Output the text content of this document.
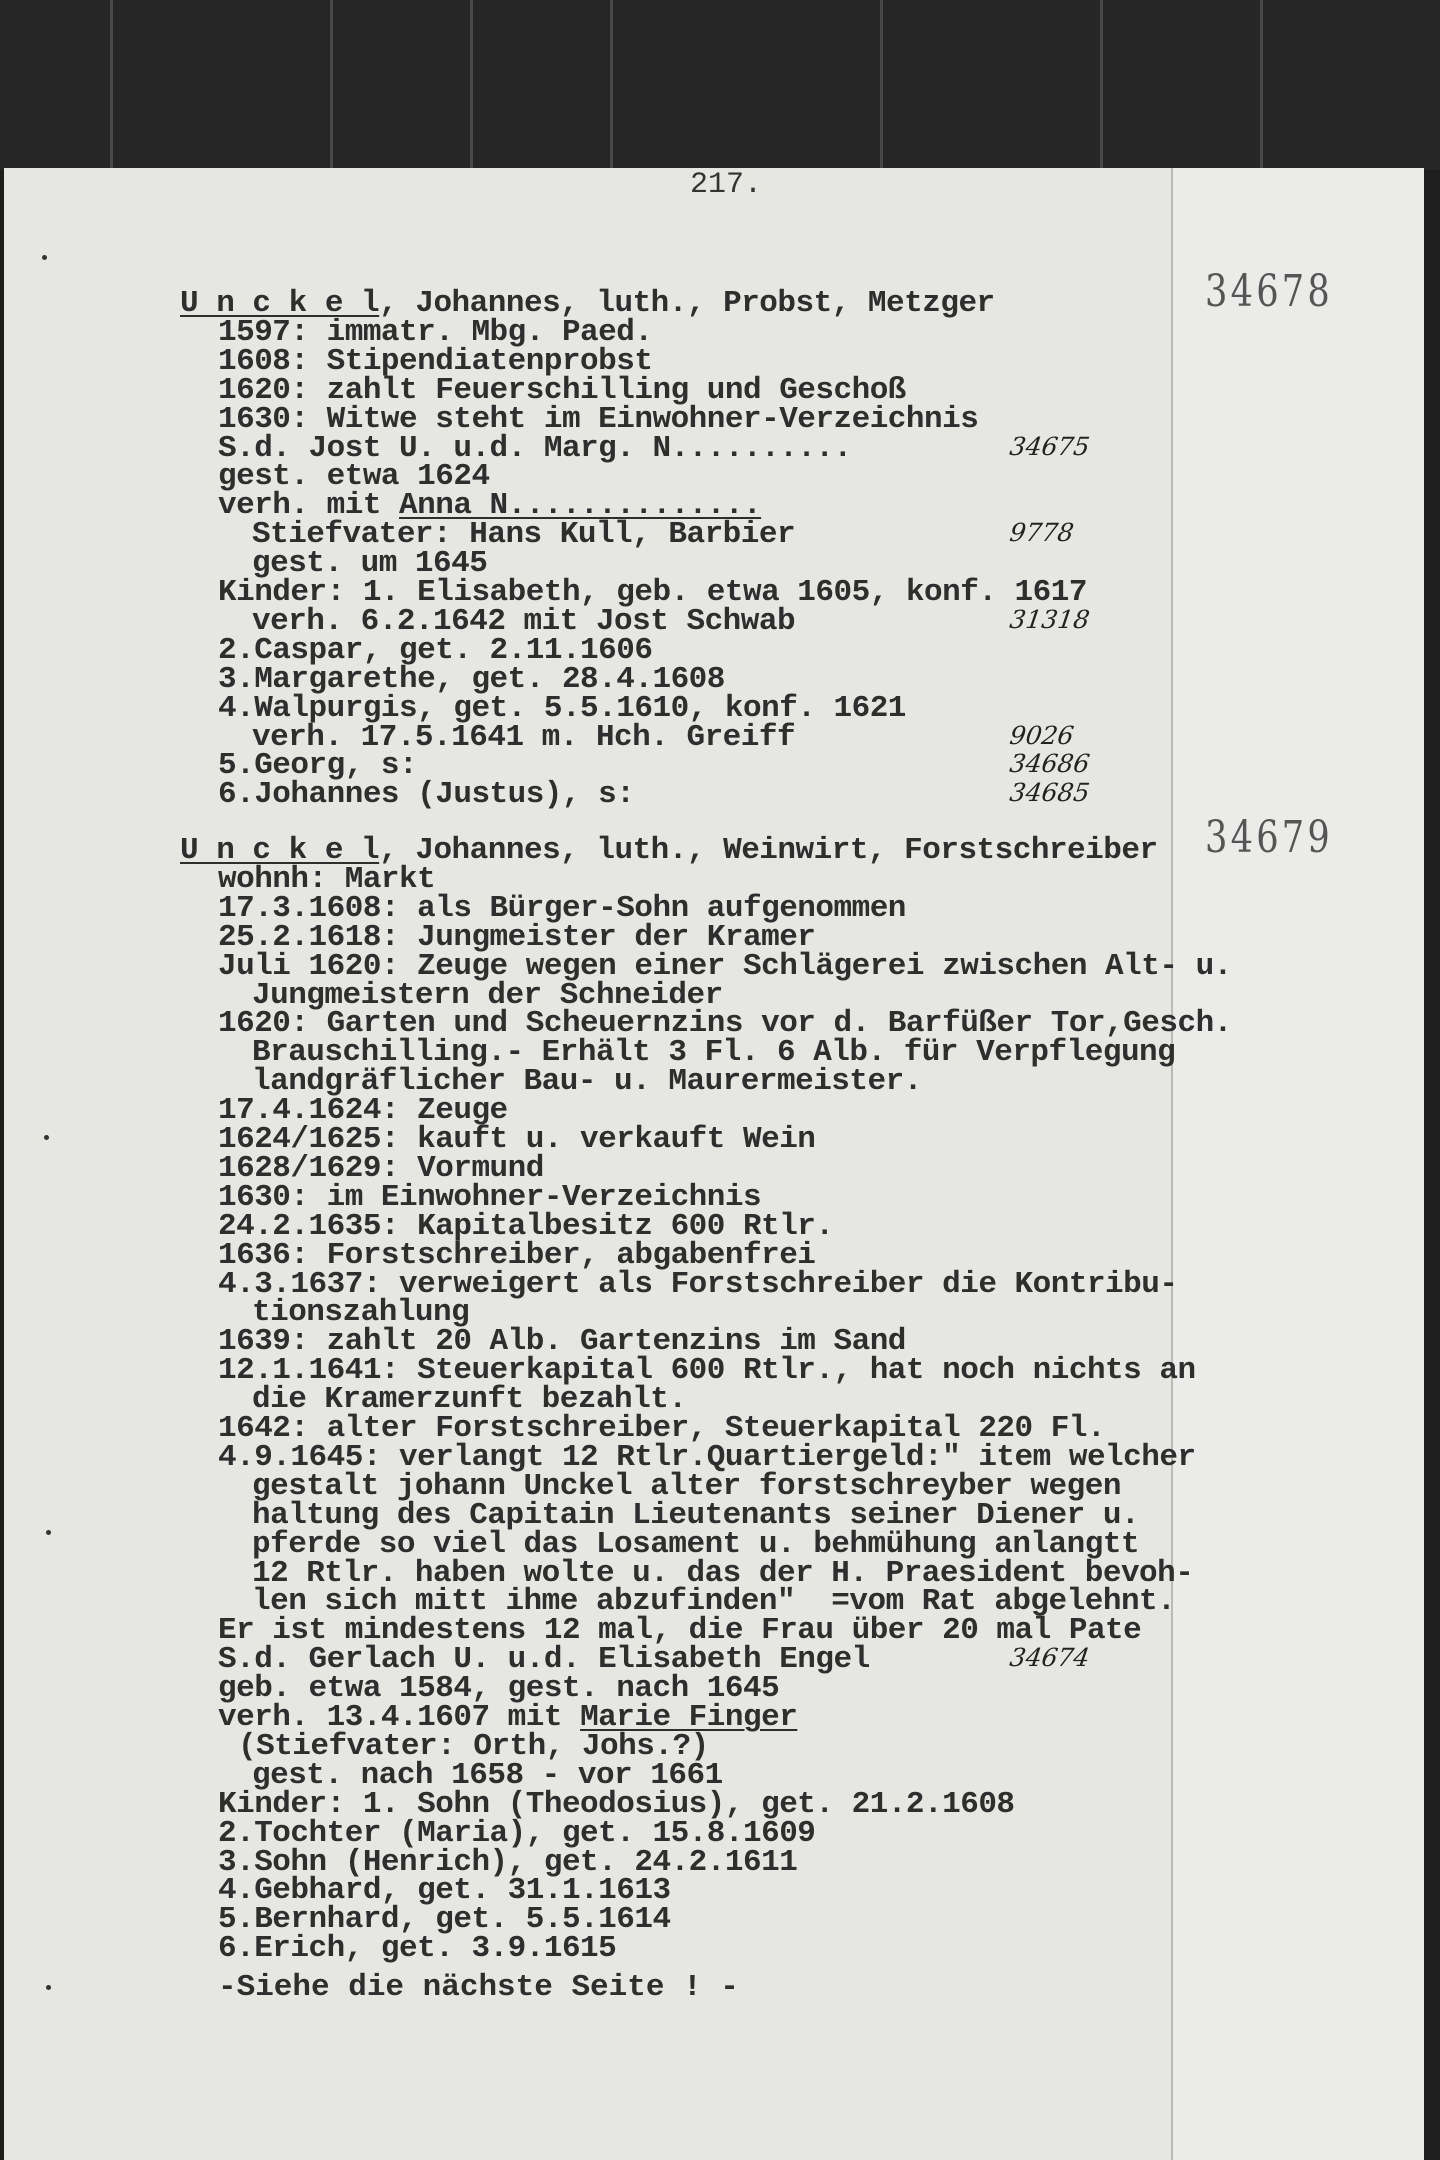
217.
34678
34679
U n c k e l, Johannes, luth., Probst, Metzger
1597: immatr. Mbg. Paed.
1608: Stipendiatenprobst
1620: zahlt Feuerschilling und Geschoß
1630: Witwe steht im Einwohner-Verzeichnis
S.d. Jost U. u.d. Marg. N..........	34675
gest. etwa 1624
verh. mit Anna N..............
Stiefvater: Hans Kull, Barbier	9778
gest. um 1645
Kinder: 1. Elisabeth, geb. etwa 1605, konf. 1617
verh. 6.2.1642 mit Jost Schwab	31318
2.Caspar, get. 2.11.1606
3.Margarethe, get. 28.4.1608
4.Walpurgis, get. 5.5.1610, konf. 1621
verh. 17.5.1641 m. Hch. Greiff	9026
5.Georg, s:	34686
6.Johannes (Justus), s:	34685
U n c k e l, Johannes, luth., Weinwirt, Forstschreiber
wohnh: Markt
17.3.1608: als Bürger-Sohn aufgenommen
25.2.1618: Jungmeister der Kramer
Juli 1620: Zeuge wegen einer Schlägerei zwischen Alt- u.
Jungmeistern der Schneider
1620: Garten und Scheuernzins vor d. Barfüßer Tor,Gesch.
Brauschilling.- Erhält 3 Fl. 6 Alb. für Verpflegung
landgräflicher Bau- u. Maurermeister.
17.4.1624: Zeuge
1624/1625: kauft u. verkauft Wein
1628/1629: Vormund
1630: im Einwohner-Verzeichnis
24.2.1635: Kapitalbesitz 600 Rtlr.
1636: Forstschreiber, abgabenfrei
4.3.1637: verweigert als Forstschreiber die Kontribu-
tionszahlung
1639: zahlt 20 Alb. Gartenzins im Sand
12.1.1641: Steuerkapital 600 Rtlr., hat noch nichts an
die Kramerzunft bezahlt.
1642: alter Forstschreiber, Steuerkapital 220 Fl.
4.9.1645: verlangt 12 Rtlr.Quartiergeld:" item welcher
gestalt johann Unckel alter forstschreyber wegen
haltung des Capitain Lieutenants seiner Diener u.
pferde so viel das Losament u. behmühung anlangtt
12 Rtlr. haben wolte u. das der H. Praesident bevoh-
len sich mitt ihme abzufinden"  =vom Rat abgelehnt.
Er ist mindestens 12 mal, die Frau über 20 mal Pate
S.d. Gerlach U. u.d. Elisabeth Engel	34674
geb. etwa 1584, gest. nach 1645
verh. 13.4.1607 mit Marie Finger
(Stiefvater: Orth, Johs.?)
gest. nach 1658 - vor 1661
Kinder: 1. Sohn (Theodosius), get. 21.2.1608
2.Tochter (Maria), get. 15.8.1609
3.Sohn (Henrich), get. 24.2.1611
4.Gebhard, get. 31.1.1613
5.Bernhard, get. 5.5.1614
6.Erich, get. 3.9.1615
-Siehe die nächste Seite ! -
